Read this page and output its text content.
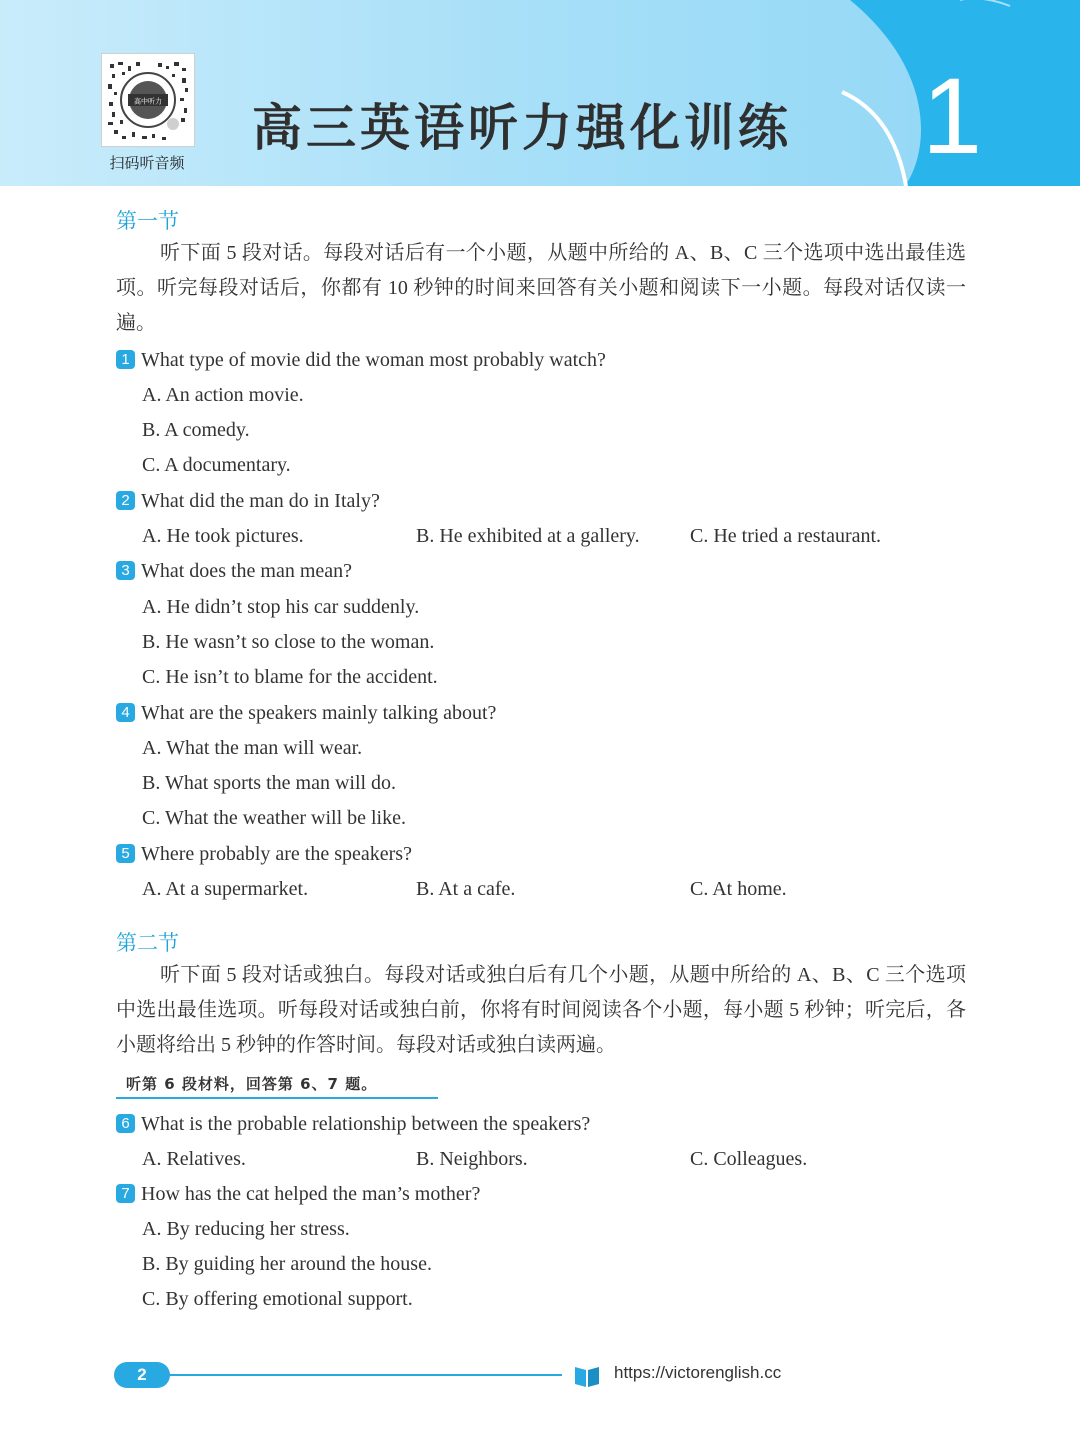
高中听力
扫码听音频
高三英语听力强化训练 1
第一节

听下面 5 段对话。每段对话后有一个小题，从题中所给的 A、B、C 三个选项中选出最佳选项。听完每段对话后，你都有 10 秒钟的时间来回答有关小题和阅读下一小题。每段对话仅读一遍。

1 What type of movie did the woman most probably watch?
A. An action movie.
B. A comedy.
C. A documentary.
2 What did the man do in Italy?
A. He took pictures.	B. He exhibited at a gallery.	C. He tried a restaurant.
3 What does the man mean?
A. He didn’t stop his car suddenly.
B. He wasn’t so close to the woman.
C. He isn’t to blame for the accident.
4 What are the speakers mainly talking about?
A. What the man will wear.
B. What sports the man will do.
C. What the weather will be like.
5 Where probably are the speakers?
A. At a supermarket.	B. At a cafe.	C. At home.
第二节

听下面 5 段对话或独白。每段对话或独白后有几个小题，从题中所给的 A、B、C 三个选项中选出最佳选项。听每段对话或独白前，你将有时间阅读各个小题，每小题 5 秒钟；听完后，各小题将给出 5 秒钟的作答时间。每段对话或独白读两遍。

听第 6 段材料，回答第 6、7 题。
6 What is the probable relationship between the speakers?
A. Relatives.	B. Neighbors.	C. Colleagues.
7 How has the cat helped the man’s mother?
A. By reducing her stress.
B. By guiding her around the house.
C. By offering emotional support.
2	https://victorenglish.cc
